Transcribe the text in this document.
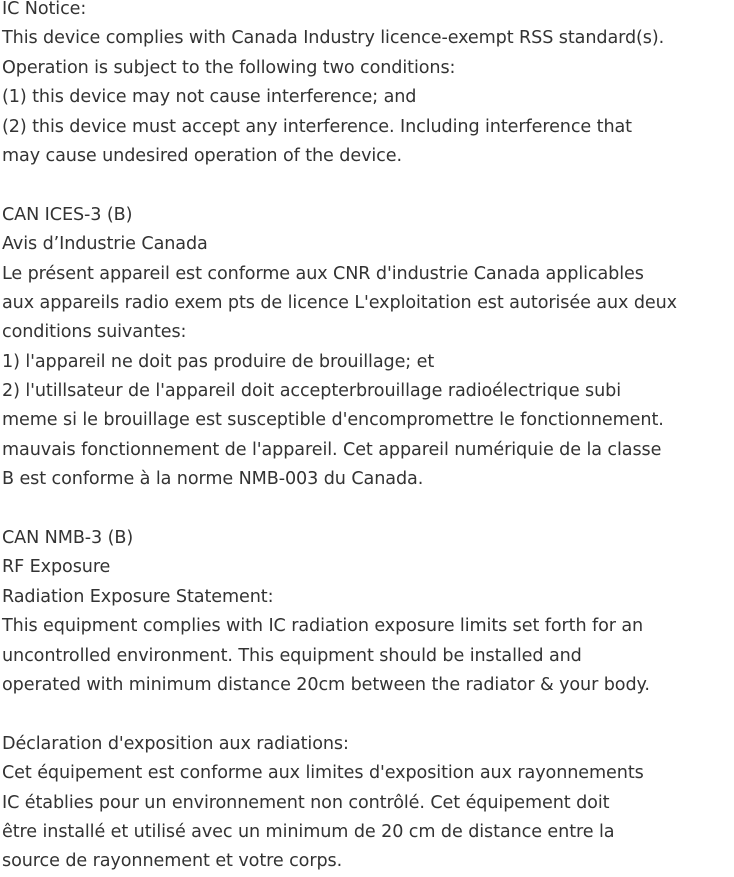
IC Notice:
This device complies with Canada Industry licence-exempt RSS standard(s).
Operation is subject to the following two conditions:
(1) this device may not cause interference; and
(2) this device must accept any interference. Including interference that
may cause undesired operation of the device.
CAN ICES-3 (B)
Avis d’Industrie Canada
Le présent appareil est conforme aux CNR d'industrie Canada applicables
aux appareils radio exem pts de licence L'exploitation est autorisée aux deux
conditions suivantes:
1) l'appareil ne doit pas produire de brouillage; et
2) l'utillsateur de l'appareil doit accepterbrouillage radioélectrique subi
meme si le brouillage est susceptible d'encompromettre le fonctionnement.
mauvais fonctionnement de l'appareil. Cet appareil numériquie de la classe
B est conforme à la norme NMB-003 du Canada.
CAN NMB-3 (B)
RF Exposure
Radiation Exposure Statement:
This equipment complies with IC radiation exposure limits set forth for an
uncontrolled environment. This equipment should be installed and
operated with minimum distance 20cm between the radiator & your body.
Déclaration d'exposition aux radiations:
Cet équipement est conforme aux limites d'exposition aux rayonnements
IC établies pour un environnement non contrôlé. Cet équipement doit
être installé et utilisé avec un minimum de 20 cm de distance entre la
source de rayonnement et votre corps.
